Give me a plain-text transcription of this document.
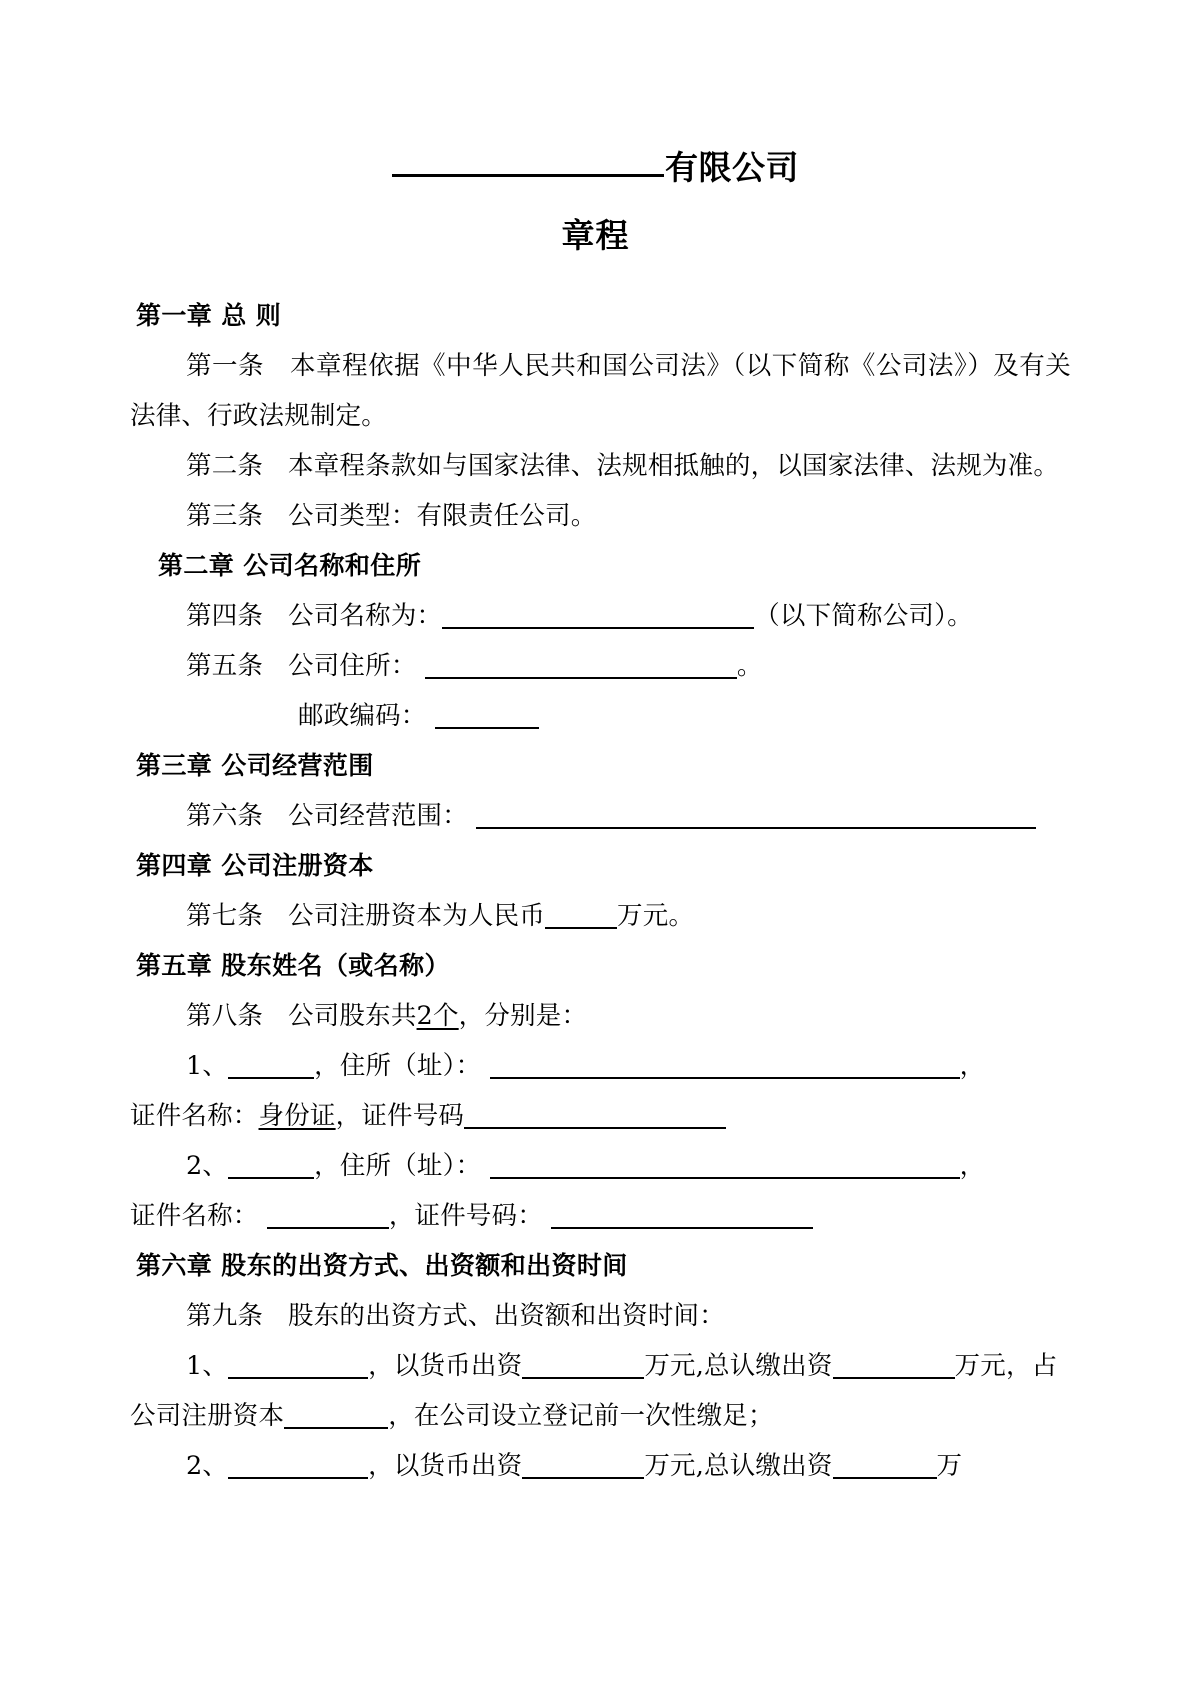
有限公司
章程
第一章 总 则
第一条 本章程依据《中华人民共和国公司法》（以下简称《公司法》）及有关法律、行政法规制定。
第二条 本章程条款如与国家法律、法规相抵触的，以国家法律、法规为准。
第三条 公司类型：有限责任公司。
第二章 公司名称和住所
第四条 公司名称为：	（以下简称公司）。
第五条 公司住所：	。
邮政编码：
第三章 公司经营范围
第六条 公司经营范围：
第四章 公司注册资本
第七条 公司注册资本为人民币	万元。
第五章 股东姓名（或名称）
第八条 公司股东共2个，分别是：
1、	，住所（址）：	，
证件名称：身份证，证件号码
2、	，住所（址）：	，
证件名称：	，证件号码：
第六章 股东的出资方式、出资额和出资时间
第九条 股东的出资方式、出资额和出资时间：
1、	，以货币出资	万元,总认缴出资	万元，占公司注册资本	，在公司设立登记前一次性缴足；
2、	，以货币出资	万元,总认缴出资	万
